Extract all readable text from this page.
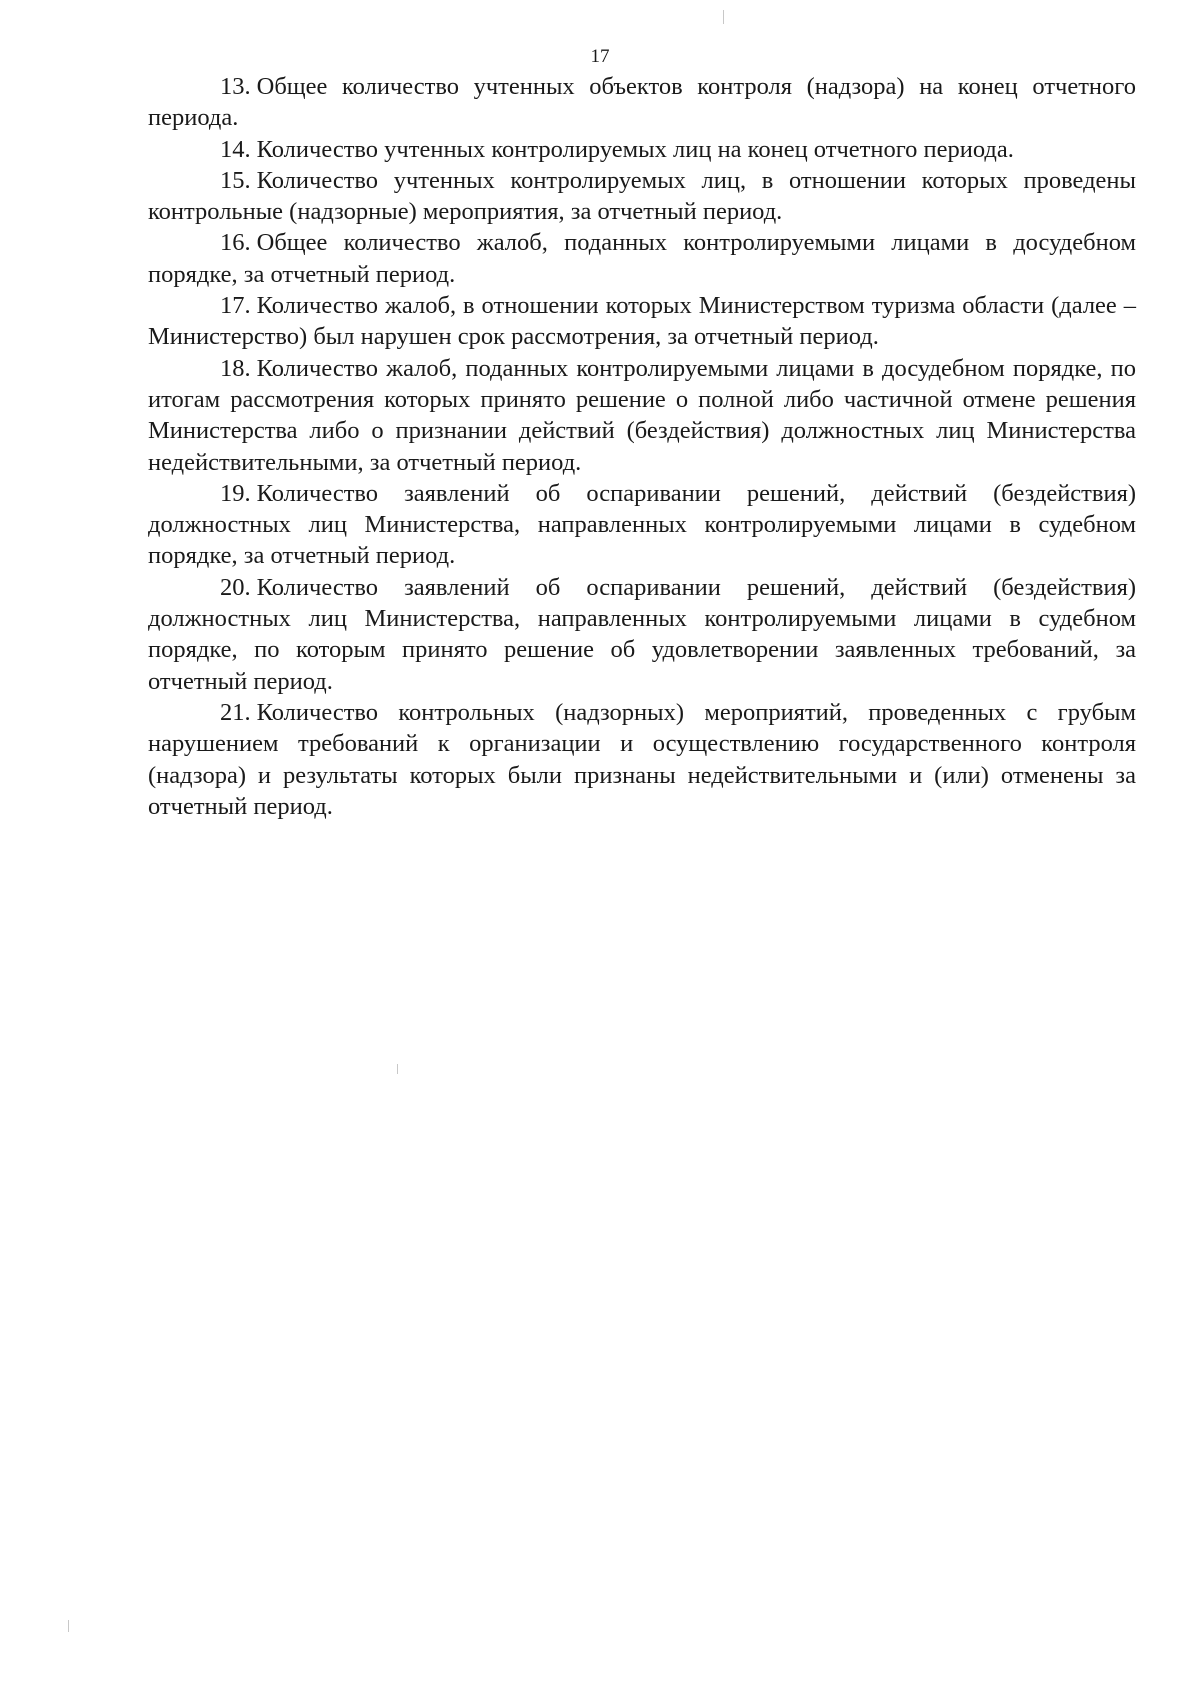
17

13. Общее количество учтенных объектов контроля (надзора) на конец отчетного периода.

14. Количество учтенных контролируемых лиц на конец отчетного периода.

15. Количество учтенных контролируемых лиц, в отношении которых проведены контрольные (надзорные) мероприятия, за отчетный период.

16. Общее количество жалоб, поданных контролируемыми лицами в досудебном порядке, за отчетный период.

17. Количество жалоб, в отношении которых Министерством туризма области (далее – Министерство) был нарушен срок рассмотрения, за отчетный период.

18. Количество жалоб, поданных контролируемыми лицами в досудебном порядке, по итогам рассмотрения которых принято решение о полной либо частичной отмене решения Министерства либо о признании действий (бездействия) должностных лиц Министерства недействительными, за отчетный период.

19. Количество заявлений об оспаривании решений, действий (бездействия) должностных лиц Министерства, направленных контролируемыми лицами в судебном порядке, за отчетный период.

20. Количество заявлений об оспаривании решений, действий (бездействия) должностных лиц Министерства, направленных контролируемыми лицами в судебном порядке, по которым принято решение об удовлетворении заявленных требований, за отчетный период.

21. Количество контрольных (надзорных) мероприятий, проведенных с грубым нарушением требований к организации и осуществлению государственного контроля (надзора) и результаты которых были признаны недействительными и (или) отменены за отчетный период.
